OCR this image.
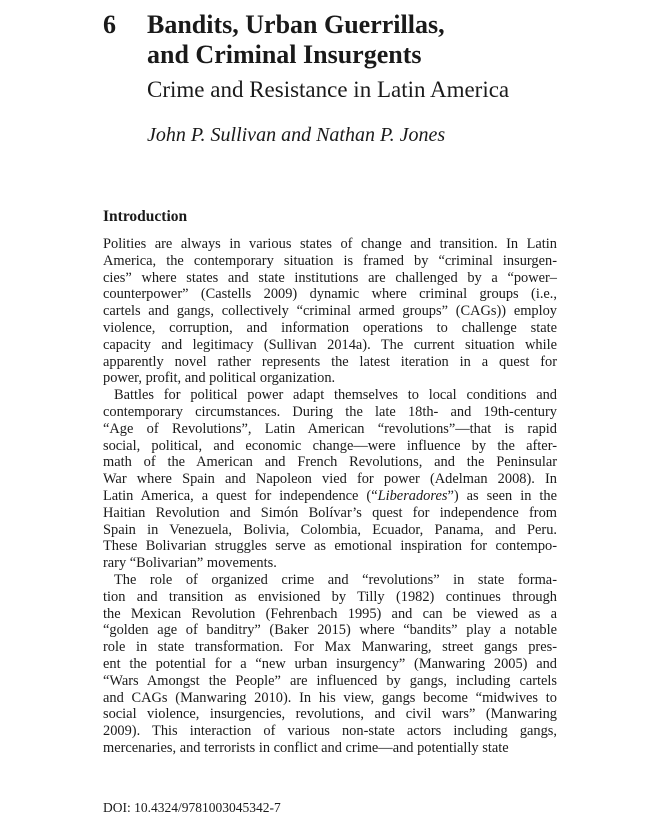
6 Bandits, Urban Guerrillas,
and Criminal Insurgents
Crime and Resistance in Latin America
John P. Sullivan and Nathan P. Jones
Introduction

Polities are always in various states of change and transition. In Latin
America, the contemporary situation is framed by “criminal insurgen-
cies” where states and state institutions are challenged by a “power–
counterpower” (Castells 2009) dynamic where criminal groups (i.e.,
cartels and gangs, collectively “criminal armed groups” (CAGs)) employ
violence, corruption, and information operations to challenge state
capacity and legitimacy (Sullivan 2014a). The current situation while
apparently novel rather represents the latest iteration in a quest for
power, profit, and political organization.

Battles for political power adapt themselves to local conditions and
contemporary circumstances. During the late 18th- and 19th-century
“Age of Revolutions”, Latin American “revolutions”—that is rapid
social, political, and economic change—were influence by the after-
math of the American and French Revolutions, and the Peninsular
War where Spain and Napoleon vied for power (Adelman 2008). In
Latin America, a quest for independence (“Liberadores”) as seen in the
Haitian Revolution and Simón Bolívar’s quest for independence from
Spain in Venezuela, Bolivia, Colombia, Ecuador, Panama, and Peru.
These Bolivarian struggles serve as emotional inspiration for contempo-
rary “Bolivarian” movements.

The role of organized crime and “revolutions” in state forma-
tion and transition as envisioned by Tilly (1982) continues through
the Mexican Revolution (Fehrenbach 1995) and can be viewed as a
“golden age of banditry” (Baker 2015) where “bandits” play a notable
role in state transformation. For Max Manwaring, street gangs pres-
ent the potential for a “new urban insurgency” (Manwaring 2005) and
“Wars Amongst the People” are influenced by gangs, including cartels
and CAGs (Manwaring 2010). In his view, gangs become “midwives to
social violence, insurgencies, revolutions, and civil wars” (Manwaring
2009). This interaction of various non-state actors including gangs,
mercenaries, and terrorists in conflict and crime—and potentially state

DOI: 10.4324/9781003045342-7
